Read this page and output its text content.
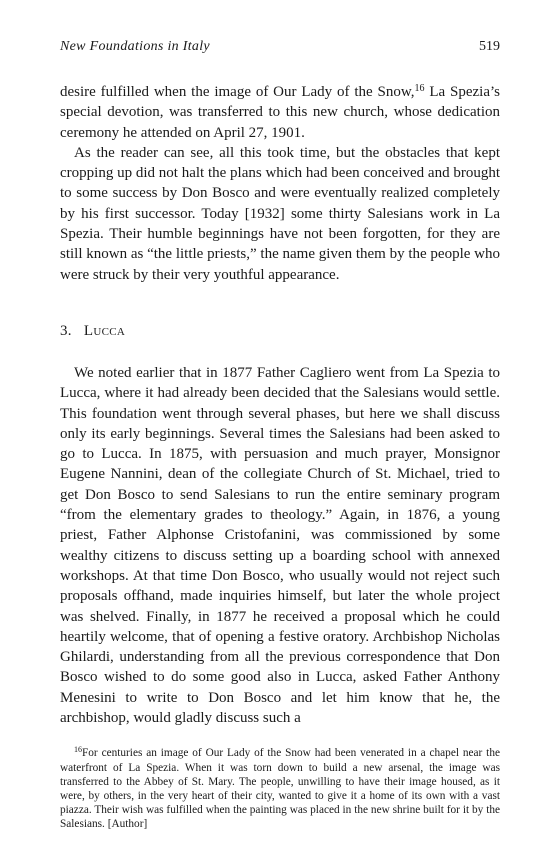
New Foundations in Italy	519

desire fulfilled when the image of Our Lady of the Snow,$^{16}$ La Spezia’s special devotion, was transferred to this new church, whose dedication ceremony he attended on April 27, 1901.

As the reader can see, all this took time, but the obstacles that kept cropping up did not halt the plans which had been conceived and brought to some success by Don Bosco and were eventually realized completely by his first successor. Today [1932] some thirty Salesians work in La Spezia. Their humble beginnings have not been forgotten, for they are still known as “the little priests,” the name given them by the people who were struck by their very youthful appearance.

3. Lucca

We noted earlier that in 1877 Father Cagliero went from La Spezia to Lucca, where it had already been decided that the Salesians would settle. This foundation went through several phases, but here we shall discuss only its early beginnings. Several times the Salesians had been asked to go to Lucca. In 1875, with persuasion and much prayer, Monsignor Eugene Nannini, dean of the collegiate Church of St. Michael, tried to get Don Bosco to send Salesians to run the entire seminary program “from the elementary grades to theology.” Again, in 1876, a young priest, Father Alphonse Cristofanini, was commissioned by some wealthy citizens to discuss setting up a boarding school with annexed workshops. At that time Don Bosco, who usually would not reject such proposals offhand, made inquiries himself, but later the whole project was shelved. Finally, in 1877 he received a proposal which he could heartily welcome, that of opening a festive oratory. Archbishop Nicholas Ghilardi, understanding from all the previous correspondence that Don Bosco wished to do some good also in Lucca, asked Father Anthony Menesini to write to Don Bosco and let him know that he, the archbishop, would gladly discuss such a

$^{16}$For centuries an image of Our Lady of the Snow had been venerated in a chapel near the waterfront of La Spezia. When it was torn down to build a new arsenal, the image was transferred to the Abbey of St. Mary. The people, unwilling to have their image housed, as it were, by others, in the very heart of their city, wanted to give it a home of its own with a vast piazza. Their wish was fulfilled when the painting was placed in the new shrine built for it by the Salesians. [Author]
